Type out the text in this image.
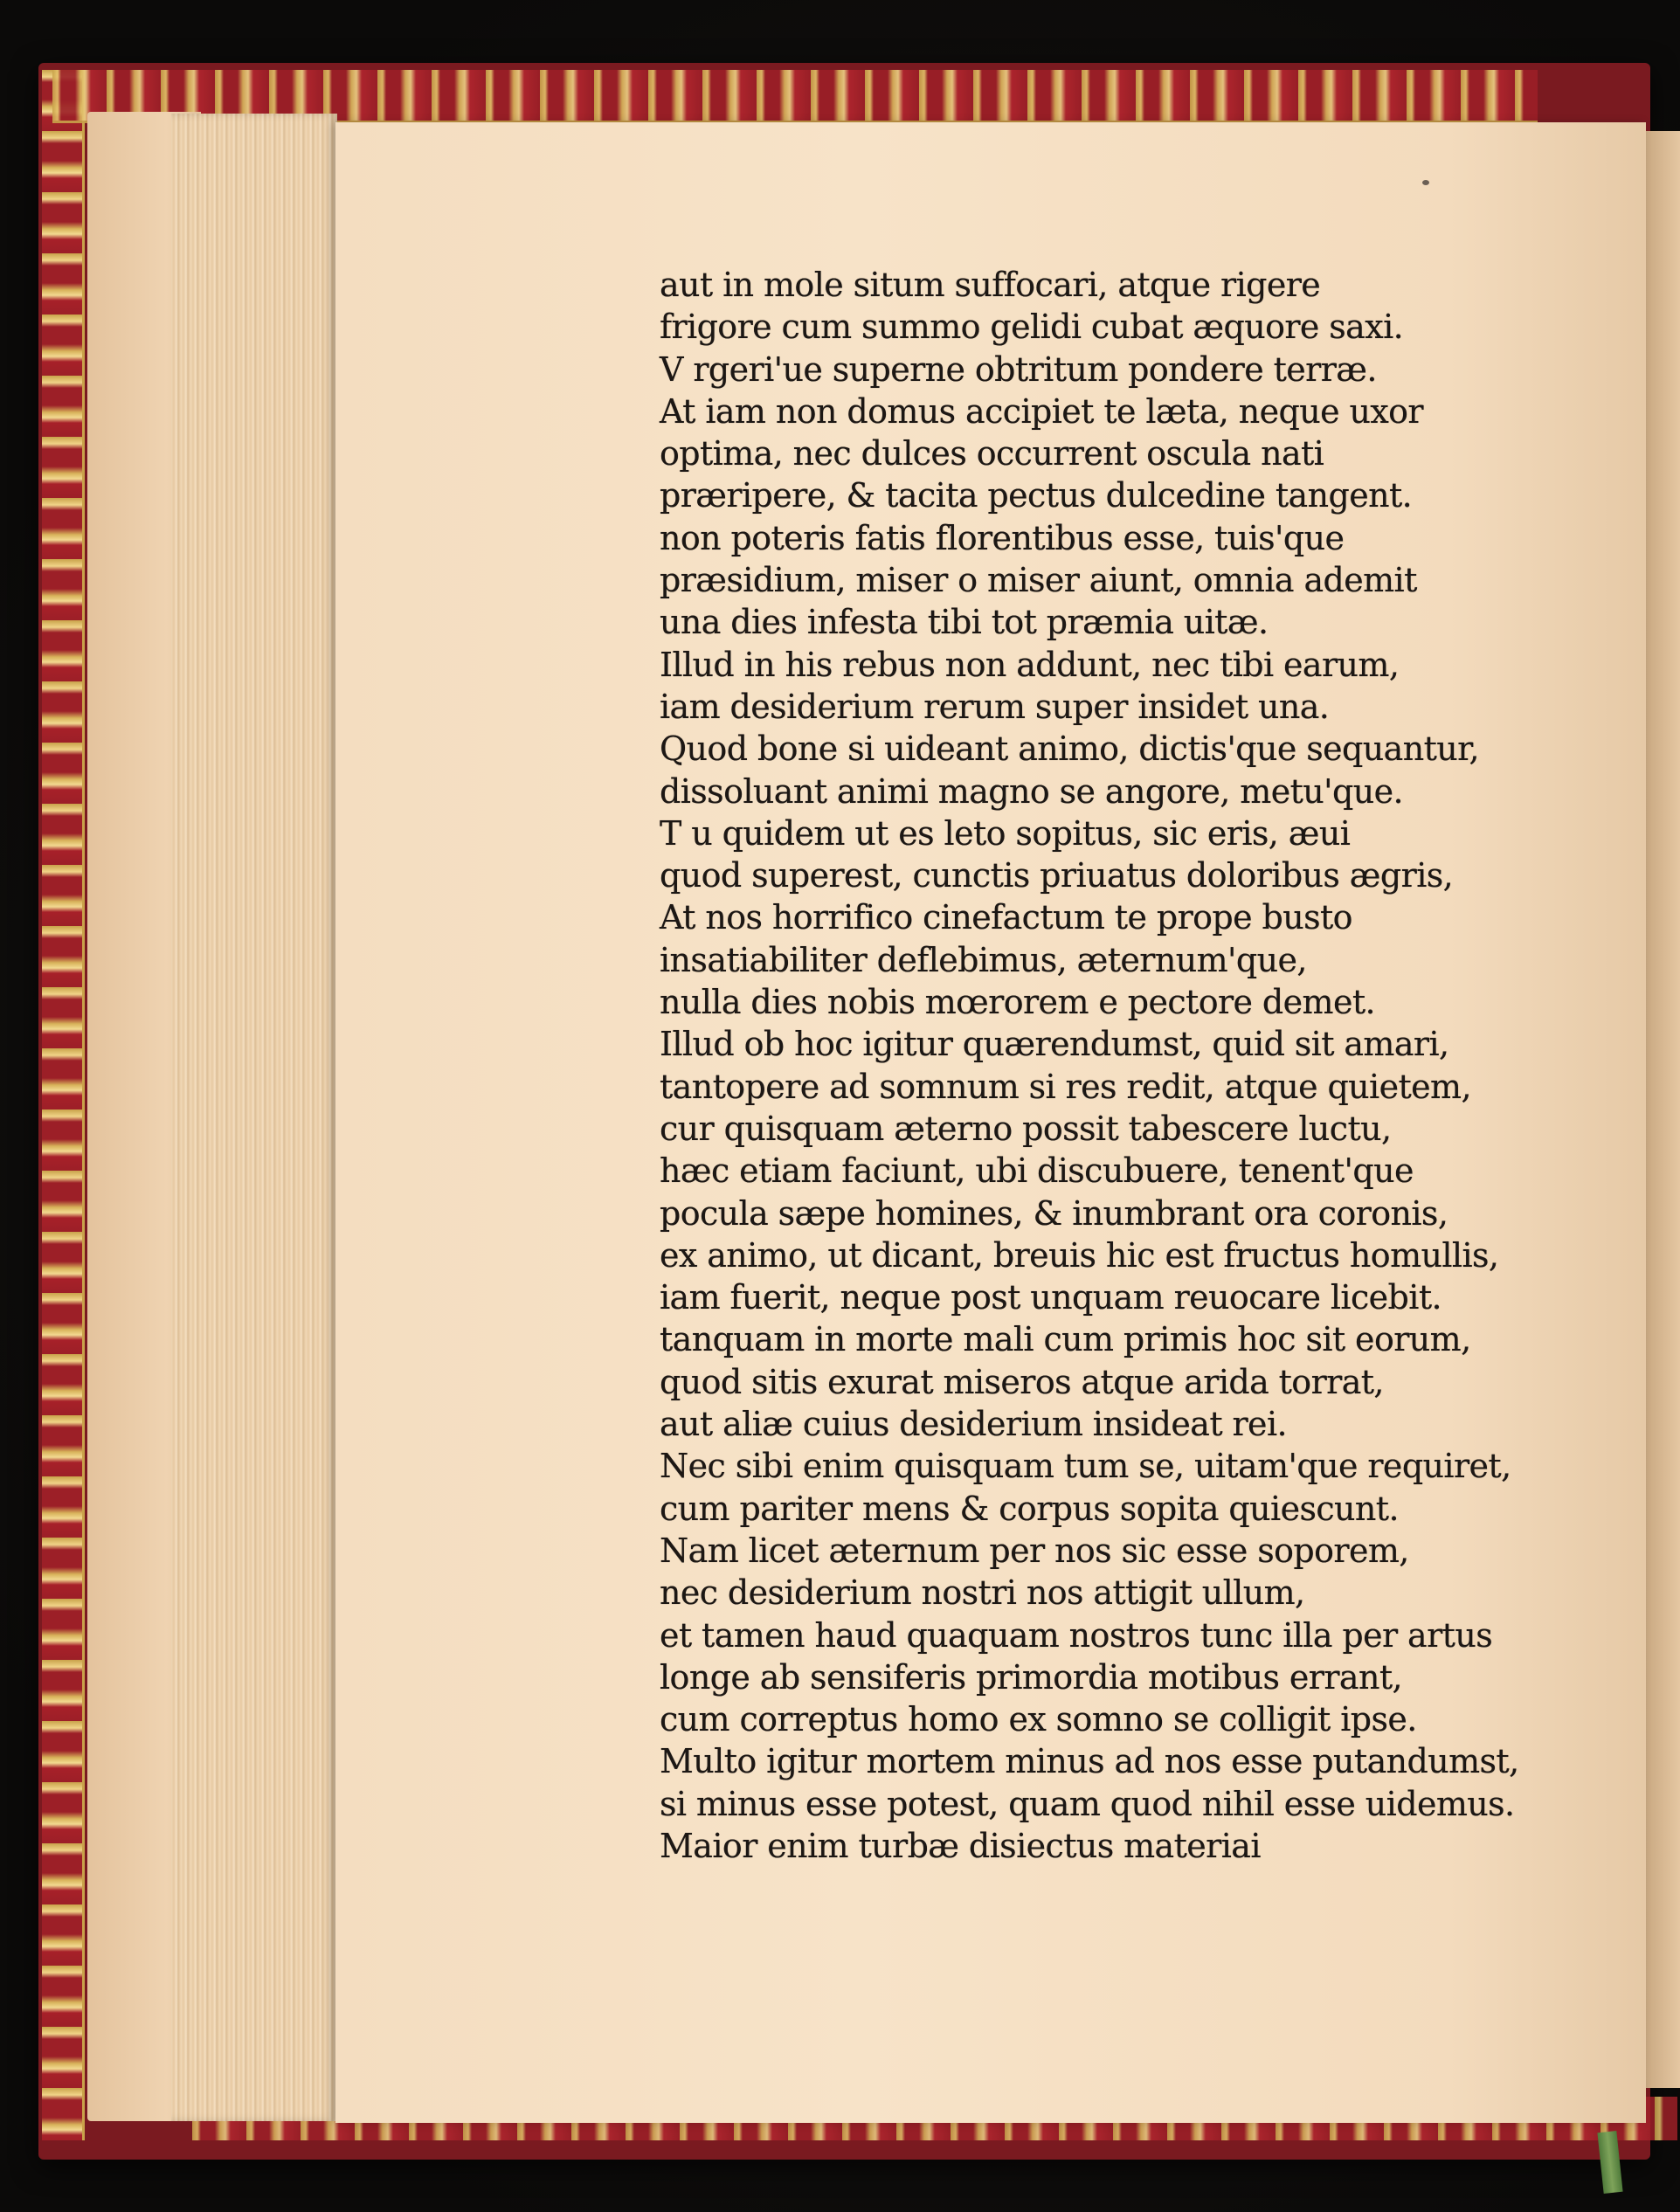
aut in mole situm suffocari, atque rigere
frigore cum summo gelidi cubat æquore saxi.
V rgeri'ue superne obtritum pondere terræ.
At iam non domus accipiet te læta, neque uxor
optima, nec dulces occurrent oscula nati
præripere, & tacita pectus dulcedine tangent.
non poteris fatis florentibus esse, tuis'que
præsidium, miser o miser aiunt, omnia ademit
una dies infesta tibi tot præmia uitæ.
Illud in his rebus non addunt, nec tibi earum,
iam desiderium rerum super insidet una.
Quod bone si uideant animo, dictis'que sequantur,
dissoluant animi magno se angore, metu'que.
T u quidem ut es leto sopitus, sic eris, æui
quod superest, cunctis priuatus doloribus ægris,
At nos horrifico cinefactum te prope busto
insatiabiliter deflebimus, æternum'que,
nulla dies nobis mœrorem e pectore demet.
Illud ob hoc igitur quærendumst, quid sit amari,
tantopere ad somnum si res redit, atque quietem,
cur quisquam æterno possit tabescere luctu,
hæc etiam faciunt, ubi discubuere, tenent'que
pocula sæpe homines, & inumbrant ora coronis,
ex animo, ut dicant, breuis hic est fructus homullis,
iam fuerit, neque post unquam reuocare licebit.
tanquam in morte mali cum primis hoc sit eorum,
quod sitis exurat miseros atque arida torrat,
aut aliæ cuius desiderium insideat rei.
Nec sibi enim quisquam tum se, uitam'que requiret,
cum pariter mens & corpus sopita quiescunt.
Nam licet æternum per nos sic esse soporem,
nec desiderium nostri nos attigit ullum,
et tamen haud quaquam nostros tunc illa per artus
longe ab sensiferis primordia motibus errant,
cum correptus homo ex somno se colligit ipse.
Multo igitur mortem minus ad nos esse putandumst,
si minus esse potest, quam quod nihil esse uidemus.
Maior enim turbæ disiectus materiai
